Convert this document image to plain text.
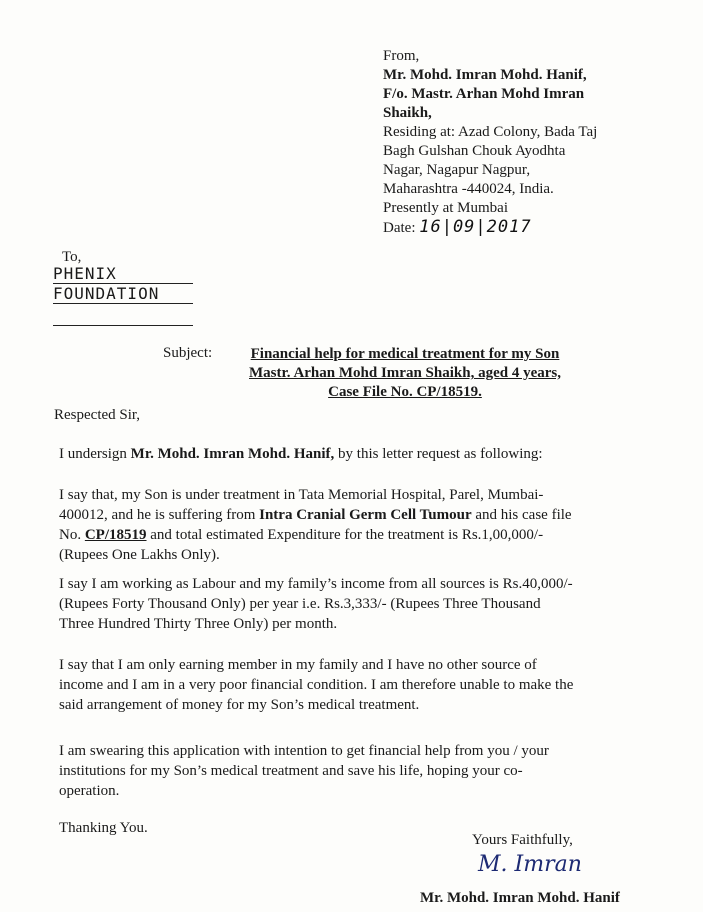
From,
Mr. Mohd. Imran Mohd. Hanif,
F/o. Mastr. Arhan Mohd Imran
Shaikh,
Residing at: Azad Colony, Bada Taj
Bagh Gulshan Chouk Ayodhta
Nagar, Nagapur Nagpur,
Maharashtra -440024, India.
Presently at Mumbai
Date: 16|09|2017
To,
PHENIX
FOUNDATION
Subject:	Financial help for medical treatment for my Son
Mastr. Arhan Mohd Imran Shaikh, aged 4 years,
Case File No. CP/18519.
Respected Sir,
I undersign Mr. Mohd. Imran Mohd. Hanif, by this letter request as following:
I say that, my Son is under treatment in Tata Memorial Hospital, Parel, Mumbai-
400012, and he is suffering from Intra Cranial Germ Cell Tumour and his case file
No. CP/18519 and total estimated Expenditure for the treatment is Rs.1,00,000/-
(Rupees One Lakhs Only).
I say I am working as Labour and my family’s income from all sources is Rs.40,000/-
(Rupees Forty Thousand Only) per year i.e. Rs.3,333/- (Rupees Three Thousand
Three Hundred Thirty Three Only) per month.
I say that I am only earning member in my family and I have no other source of
income and I am in a very poor financial condition. I am therefore unable to make the
said arrangement of money for my Son’s medical treatment.
I am swearing this application with intention to get financial help from you / your
institutions for my Son’s medical treatment and save his life, hoping your co-
operation.
Thanking You.
Yours Faithfully,
M. Imran
Mr. Mohd. Imran Mohd. Hanif
